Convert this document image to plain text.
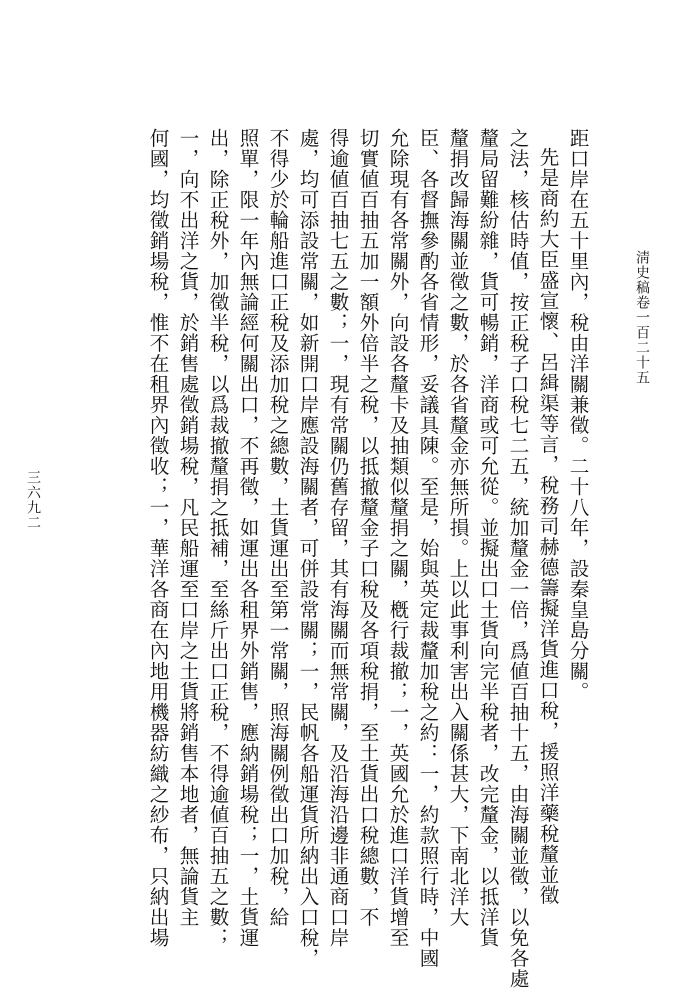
淸史稿卷一百二十五
距口岸在五十里內，稅由洋關兼徵。二十八年，設秦皇島分關。
先是商約大臣盛宣懷、呂緝渠等言，稅務司赫德籌擬洋貨進口稅，援照洋藥稅釐並徵
之法，核估時值，按正稅子口稅七二五，統加釐金一倍，爲値百抽十五，由海關並徵，以免各處
釐局留難紛雜，貨可暢銷，洋商或可允從。並擬出口土貨向完半稅者，改完釐金，以抵洋貨
釐捐改歸海關並徵之數，於各省釐金亦無所損。上以此事利害出入關係甚大，下南北洋大
臣、各督撫參酌各省情形，妥議具陳。至是，始與英定裁釐加稅之約：一，約款照行時，中國
允除現有各常關外，向設各釐卡及抽類似釐捐之關，槪行裁撤；一，英國允於進口洋貨增至
切實値百抽五加一額外倍半之稅，以抵撤釐金子口稅及各項稅捐，至土貨出口稅總數，不
得逾値百抽七五之數；一，現有常關仍舊存留，其有海關而無常關，及沿海沿邊非通商口岸
處，均可添設常關，如新開口岸應設海關者，可併設常關；一，民帆各船運貨所納出入口稅，
不得少於輪船進口正稅及添加稅之總數，土貨運出至第一常關，照海關例徵出口加稅，給
照單，限一年內無論經何關出口，不再徵，如運出各租界外銷售，應納銷場稅；一，土貨運
出，除正稅外，加徵半稅，以爲裁撤釐捐之抵補，至絲斤出口正稅，不得逾値百抽五之數；
一，向不出洋之貨，於銷售處徵銷場稅，凡民船運至口岸之土貨將銷售本地者，無論貨主
何國，均徵銷場稅，惟不在租界內徵收；一，華洋各商在內地用機器紡織之紗布，只納出場
三六九二
